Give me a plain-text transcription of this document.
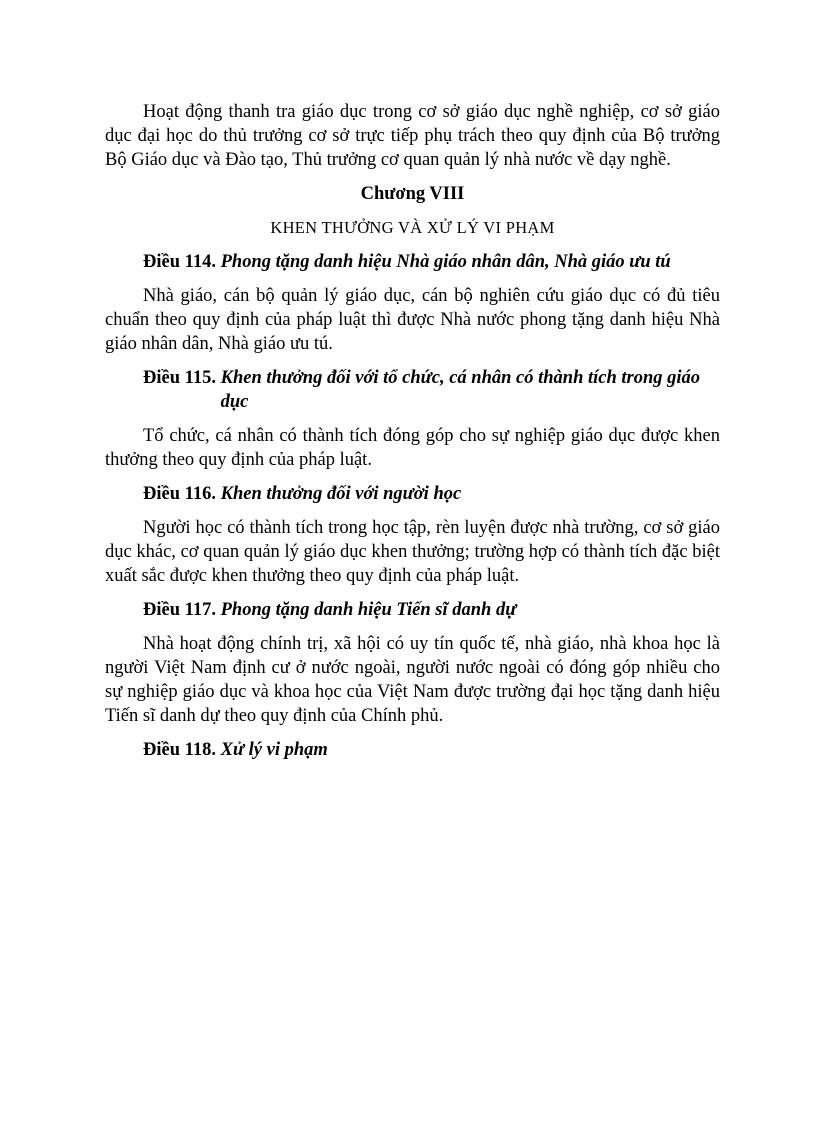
Hoạt động thanh tra giáo dục trong cơ sở giáo dục nghề nghiệp, cơ sở giáo dục đại học do thủ trưởng cơ sở trực tiếp phụ trách theo quy định của Bộ trưởng Bộ Giáo dục và Đào tạo, Thủ trưởng cơ quan quản lý nhà nước về dạy nghề.

Chương VIII

KHEN THƯỞNG VÀ XỬ LÝ VI PHẠM

Điều 114. Phong tặng danh hiệu Nhà giáo nhân dân, Nhà giáo ưu tú

Nhà giáo, cán bộ quản lý giáo dục, cán bộ nghiên cứu giáo dục có đủ tiêu chuẩn theo quy định của pháp luật thì được Nhà nước phong tặng danh hiệu Nhà giáo nhân dân, Nhà giáo ưu tú.

Điều 115. Khen thưởng đối với tổ chức, cá nhân có thành tích trong giáo dục

Tổ chức, cá nhân có thành tích đóng góp cho sự nghiệp giáo dục được khen thưởng theo quy định của pháp luật.

Điều 116. Khen thưởng đối với người học

Người học có thành tích trong học tập, rèn luyện được nhà trường, cơ sở giáo dục khác, cơ quan quản lý giáo dục khen thưởng; trường hợp có thành tích đặc biệt xuất sắc được khen thưởng theo quy định của pháp luật.

Điều 117. Phong tặng danh hiệu Tiến sĩ danh dự

Nhà hoạt động chính trị, xã hội có uy tín quốc tế, nhà giáo, nhà khoa học là người Việt Nam định cư ở nước ngoài, người nước ngoài có đóng góp nhiều cho sự nghiệp giáo dục và khoa học của Việt Nam được trường đại học tặng danh hiệu Tiến sĩ danh dự theo quy định của Chính phủ.

Điều 118. Xử lý vi phạm
